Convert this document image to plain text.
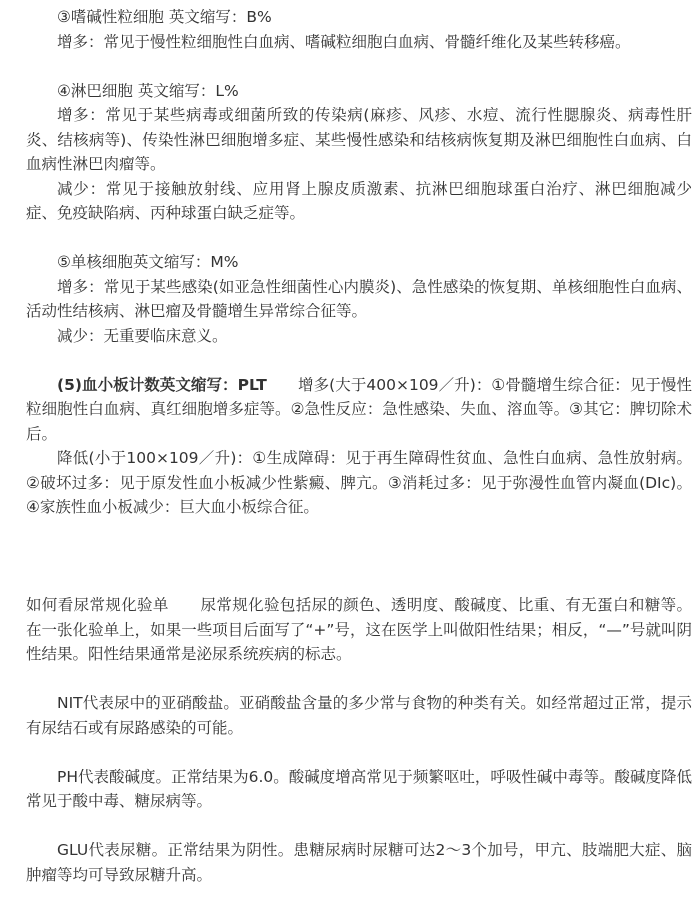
③嗜碱性粒细胞 英文缩写：B%

增多：常见于慢性粒细胞性白血病、嗜碱粒细胞白血病、骨髓纤维化及某些转移癌。

④淋巴细胞 英文缩写：L%

增多：常见于某些病毒或细菌所致的传染病(麻疹、风疹、水痘、流行性腮腺炎、病毒性肝炎、结核病等)、传染性淋巴细胞增多症、某些慢性感染和结核病恢复期及淋巴细胞性白血病、白血病性淋巴肉瘤等。

减少：常见于接触放射线、应用肾上腺皮质激素、抗淋巴细胞球蛋白治疗、淋巴细胞减少症、免疫缺陷病、丙种球蛋白缺乏症等。

⑤单核细胞英文缩写：M%

增多：常见于某些感染(如亚急性细菌性心内膜炎)、急性感染的恢复期、单核细胞性白血病、活动性结核病、淋巴瘤及骨髓增生异常综合征等。

减少：无重要临床意义。

(5)血小板计数英文缩写：PLT　　 增多(大于400×109／升)：①骨髓增生综合征：见于慢性粒细胞性白血病、真红细胞增多症等。②急性反应：急性感染、失血、溶血等。③其它：脾切除术后。

降低(小于100×109／升)：①生成障碍：见于再生障碍性贫血、急性白血病、急性放射病。②破坏过多：见于原发性血小板减少性紫癜、脾亢。③消耗过多：见于弥漫性血管内凝血(DIc)。④家族性血小板减少：巨大血小板综合征。

如何看尿常规化验单　　尿常规化验包括尿的颜色、透明度、酸碱度、比重、有无蛋白和糖等。在一张化验单上，如果一些项目后面写了“+”号，这在医学上叫做阳性结果；相反，“—”号就叫阴性结果。阳性结果通常是泌尿系统疾病的标志。

NIT代表尿中的亚硝酸盐。亚硝酸盐含量的多少常与食物的种类有关。如经常超过正常，提示有尿结石或有尿路感染的可能。

PH代表酸碱度。正常结果为6.0。酸碱度增高常见于频繁呕吐，呼吸性碱中毒等。酸碱度降低常见于酸中毒、糖尿病等。

GLU代表尿糖。正常结果为阴性。患糖尿病时尿糖可达2～3个加号，甲亢、肢端肥大症、脑肿瘤等均可导致尿糖升高。
